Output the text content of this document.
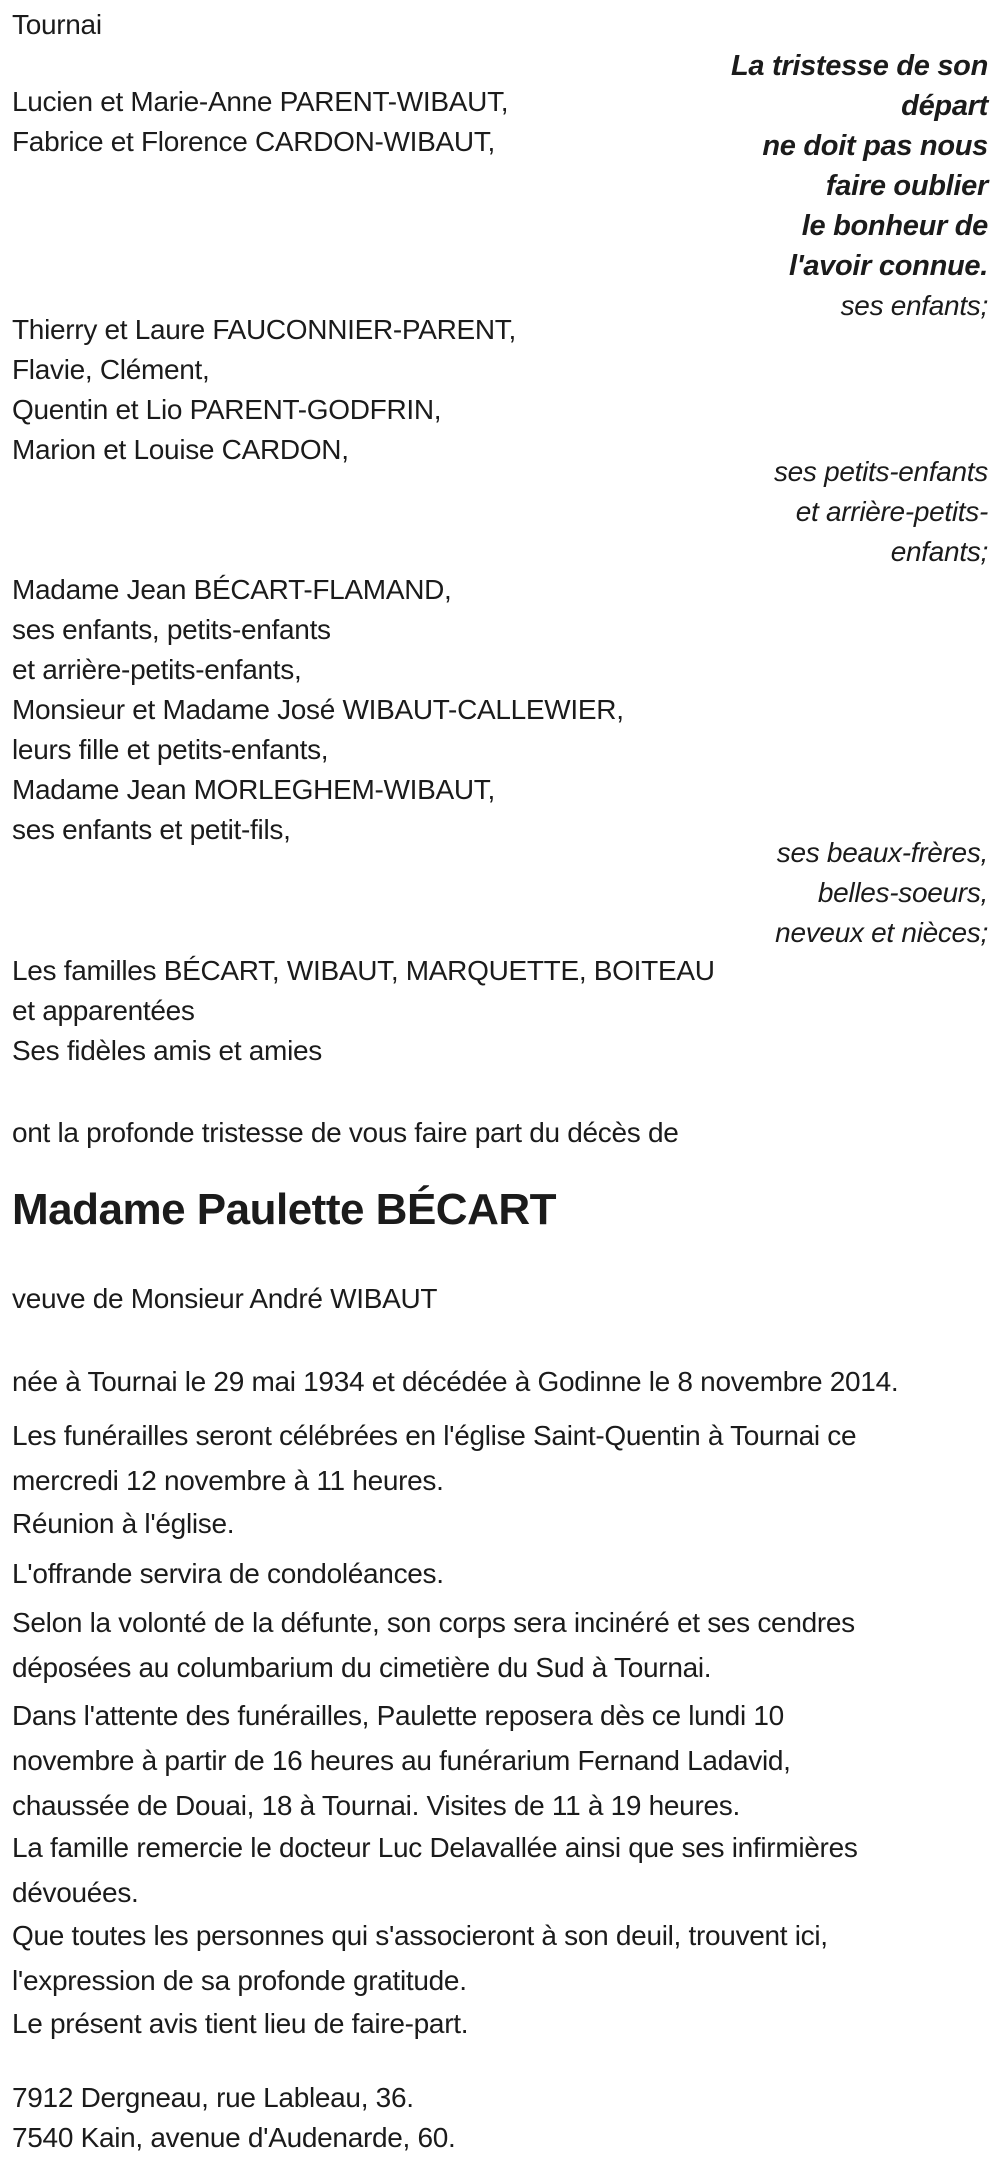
Tournai
La tristesse de son
départ
ne doit pas nous
faire oublier
le bonheur de
l'avoir connue.
ses enfants;
Lucien et Marie-Anne PARENT-WIBAUT,
Fabrice et Florence CARDON-WIBAUT,
Thierry et Laure FAUCONNIER-PARENT,
Flavie, Clément,
Quentin et Lio PARENT-GODFRIN,
Marion et Louise CARDON,
ses petits-enfants
et arrière-petits-
enfants;
Madame Jean BÉCART-FLAMAND,
ses enfants, petits-enfants
et arrière-petits-enfants,
Monsieur et Madame José WIBAUT-CALLEWIER,
leurs fille et petits-enfants,
Madame Jean MORLEGHEM-WIBAUT,
ses enfants et petit-fils,
ses beaux-frères,
belles-soeurs,
neveux et nièces;
Les familles BÉCART, WIBAUT, MARQUETTE, BOITEAU
et apparentées
Ses fidèles amis et amies
ont la profonde tristesse de vous faire part du décès de
Madame Paulette BÉCART
veuve de Monsieur André WIBAUT
née à Tournai le 29 mai 1934 et décédée à Godinne le 8 novembre 2014.
Les funérailles seront célébrées en l'église Saint-Quentin à Tournai ce
mercredi 12 novembre à 11 heures.
Réunion à l'église.
L'offrande servira de condoléances.
Selon la volonté de la défunte, son corps sera incinéré et ses cendres
déposées au columbarium du cimetière du Sud à Tournai.
Dans l'attente des funérailles, Paulette reposera dès ce lundi 10
novembre à partir de 16 heures au funérarium Fernand Ladavid,
chaussée de Douai, 18 à Tournai. Visites de 11 à 19 heures.
La famille remercie le docteur Luc Delavallée ainsi que ses infirmières
dévouées.
Que toutes les personnes qui s'associeront à son deuil, trouvent ici,
l'expression de sa profonde gratitude.
Le présent avis tient lieu de faire-part.
7912 Dergneau, rue Lableau, 36.
7540 Kain, avenue d'Audenarde, 60.
